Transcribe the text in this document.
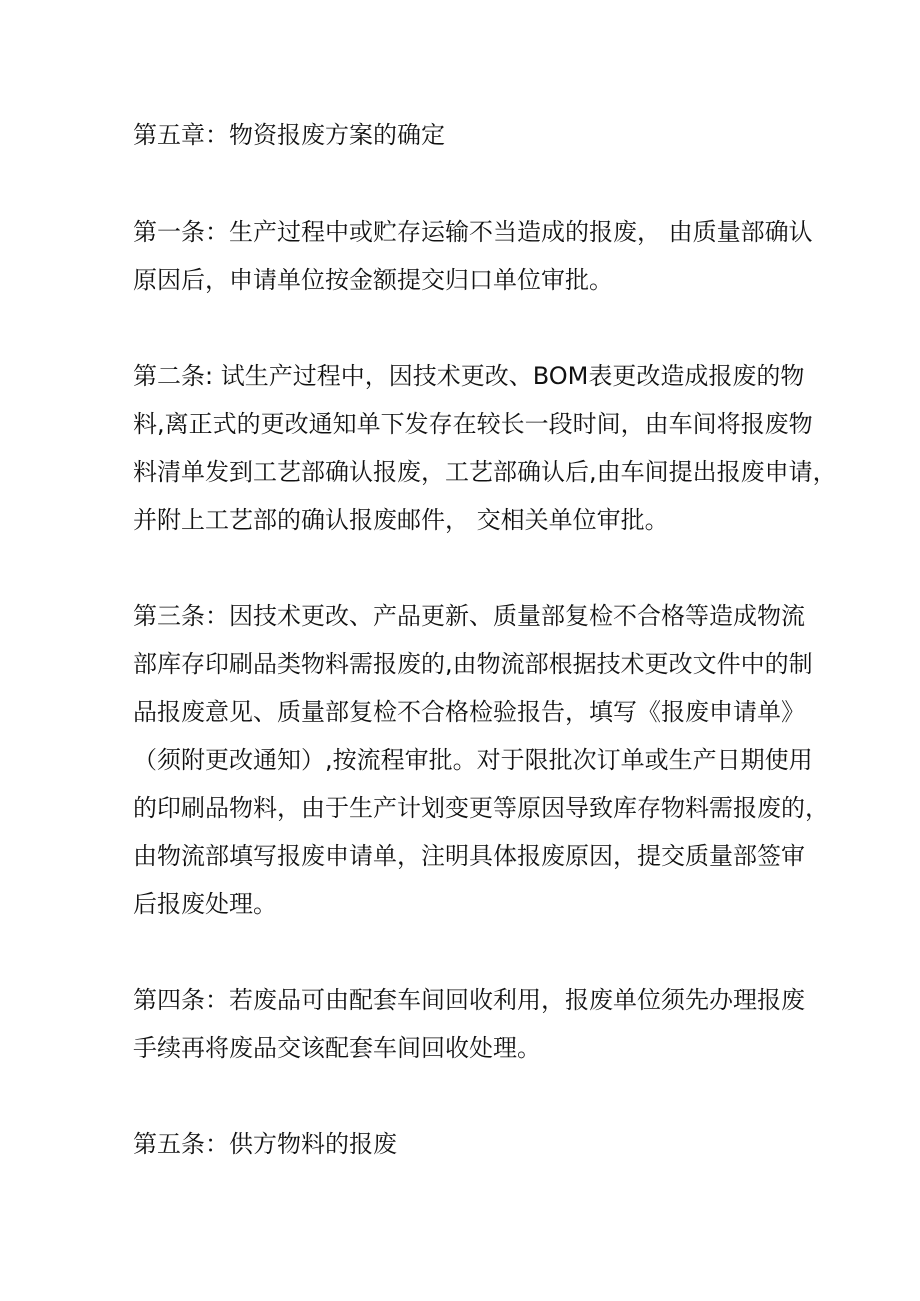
第五章：物资报废方案的确定

第一条：生产过程中或贮存运输不当造成的报废， 由质量部确认
原因后，申请单位按金额提交归口单位审批。

第二条: 试生产过程中，因技术更改、BOM表更改造成报废的物
料,离正式的更改通知单下发存在较长一段时间，由车间将报废物
料清单发到工艺部确认报废，工艺部确认后,由车间提出报废申请，
并附上工艺部的确认报废邮件， 交相关单位审批。

第三条：因技术更改、产品更新、质量部复检不合格等造成物流
部库存印刷品类物料需报废的,由物流部根据技术更改文件中的制
品报废意见、质量部复检不合格检验报告，填写《报废申请单》
（须附更改通知）,按流程审批。对于限批次订单或生产日期使用
的印刷品物料，由于生产计划变更等原因导致库存物料需报废的，
由物流部填写报废申请单，注明具体报废原因，提交质量部签审
后报废处理。

第四条：若废品可由配套车间回收利用，报废单位须先办理报废
手续再将废品交该配套车间回收处理。

第五条：供方物料的报废
